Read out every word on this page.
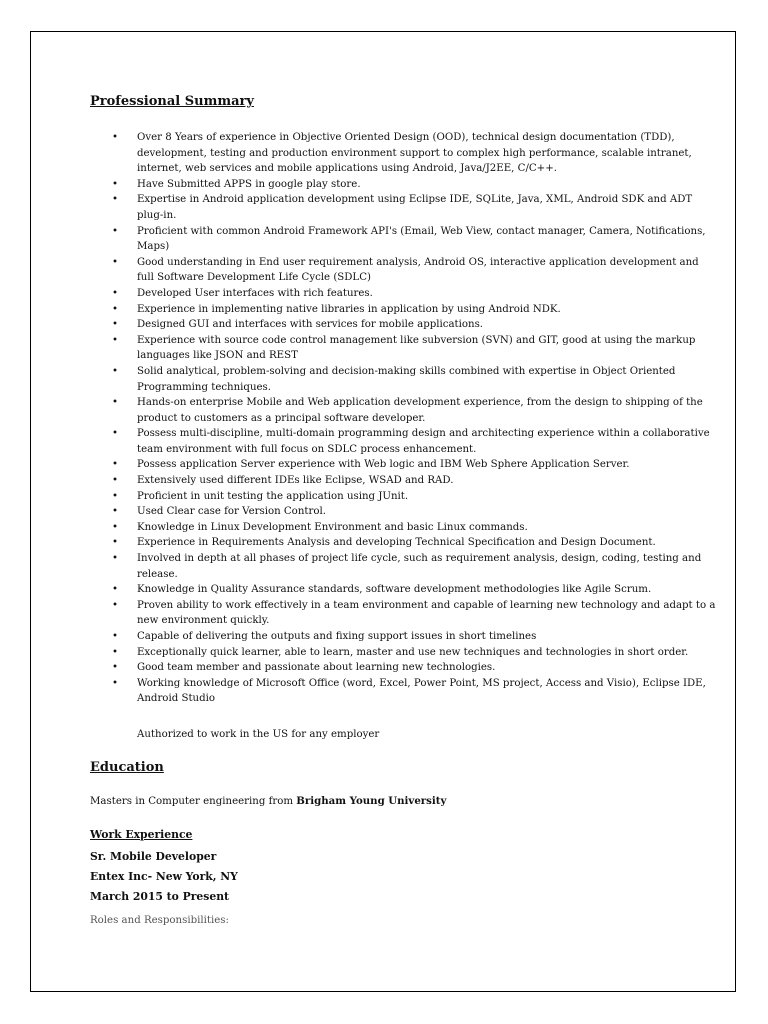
Professional Summary
• Over 8 Years of experience in Objective Oriented Design (OOD), technical design documentation (TDD), development, testing and production environment support to complex high performance, scalable intranet, internet, web services and mobile applications using Android, Java/J2EE, C/C++.
• Have Submitted APPS in google play store.
• Expertise in Android application development using Eclipse IDE, SQLite, Java, XML, Android SDK and ADT plug-in.
• Proficient with common Android Framework API's (Email, Web View, contact manager, Camera, Notifications, Maps)
• Good understanding in End user requirement analysis, Android OS, interactive application development and full Software Development Life Cycle (SDLC)
• Developed User interfaces with rich features.
• Experience in implementing native libraries in application by using Android NDK.
• Designed GUI and interfaces with services for mobile applications.
• Experience with source code control management like subversion (SVN) and GIT, good at using the markup languages like JSON and REST
• Solid analytical, problem-solving and decision-making skills combined with expertise in Object Oriented Programming techniques.
• Hands-on enterprise Mobile and Web application development experience, from the design to shipping of the product to customers as a principal software developer.
• Possess multi-discipline, multi-domain programming design and architecting experience within a collaborative team environment with full focus on SDLC process enhancement.
• Possess application Server experience with Web logic and IBM Web Sphere Application Server.
• Extensively used different IDEs like Eclipse, WSAD and RAD.
• Proficient in unit testing the application using JUnit.
• Used Clear case for Version Control.
• Knowledge in Linux Development Environment and basic Linux commands.
• Experience in Requirements Analysis and developing Technical Specification and Design Document.
• Involved in depth at all phases of project life cycle, such as requirement analysis, design, coding, testing and release.
• Knowledge in Quality Assurance standards, software development methodologies like Agile Scrum.
• Proven ability to work effectively in a team environment and capable of learning new technology and adapt to a new environment quickly.
• Capable of delivering the outputs and fixing support issues in short timelines
• Exceptionally quick learner, able to learn, master and use new techniques and technologies in short order.
• Good team member and passionate about learning new technologies.
• Working knowledge of Microsoft Office (word, Excel, Power Point, MS project, Access and Visio), Eclipse IDE, Android Studio
Authorized to work in the US for any employer
Education
Masters in Computer engineering from Brigham Young University
Work Experience
Sr. Mobile Developer
Entex Inc- New York, NY
March 2015 to Present
Roles and Responsibilities:
